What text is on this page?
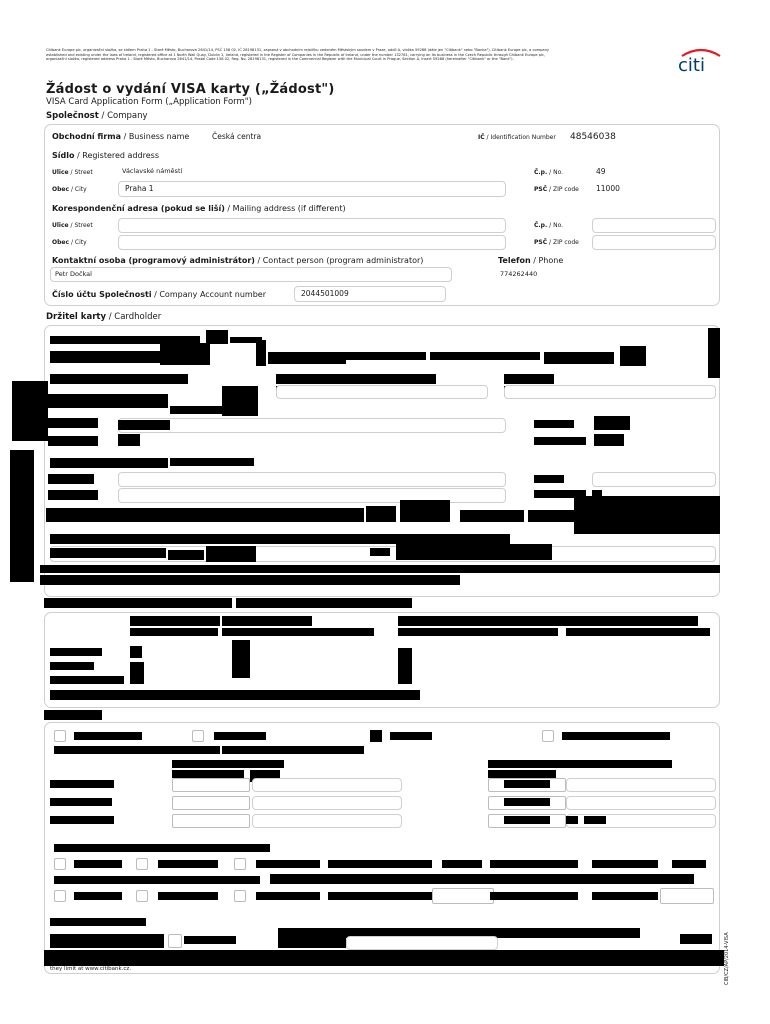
Citibank Europe plc, organizační složka, se sídlem Praha 1 - Staré Město, Bucharova 2641/14, PSČ 158 02, IČ 28198131, zapsaná v obchodním rejstříku vedeném Městským soudem v Praze, oddíl A, vložka 59288 (dále jen "Citibank" nebo "Banka"). Citibank Europe plc, a company
established and existing under the laws of Ireland, registered office at 1 North Wall Quay, Dublin 1, Ireland, registered in the Register of Companies in the Republic of Ireland, under the number 132781, carrying on its business in the Czech Republic through Citibank Europe plc,
organizační složka, registered address Praha 1 - Staré Město, Bucharova 2641/14, Postal Code 158 02, Reg. No. 28198131, registered in the Commercial Register with the Municipal Court in Prague, Section A, Insert 59288 (hereinafter "Citibank" or the "Bank").	citi
Žádost o vydání VISA karty („Žádost")
VISA Card Application Form („Application Form")
Společnost / Company
Obchodní firma / Business name	Česká centra	IČ / Identification Number 48546038
Sídlo / Registered address
Ulice / Street	Václavské náměstí	Č.p. / No.	49
Obec / City	Praha 1	PSČ / ZIP code 11000
Korespondenční adresa (pokud se liší) / Mailing address (if different)
Ulice / Street	Č.p. / No.
Obec / City	PSČ / ZIP code
Kontaktní osoba (programový administrátor) / Contact person (program administrator)
Petr Dočkal
Telefon / Phone
774262440
Číslo účtu Společnosti / Company Account number	2044501009
Držitel karty / Cardholder
they limit at www.citibank.cz.	CIB/CZ/AP/2014-VISA
